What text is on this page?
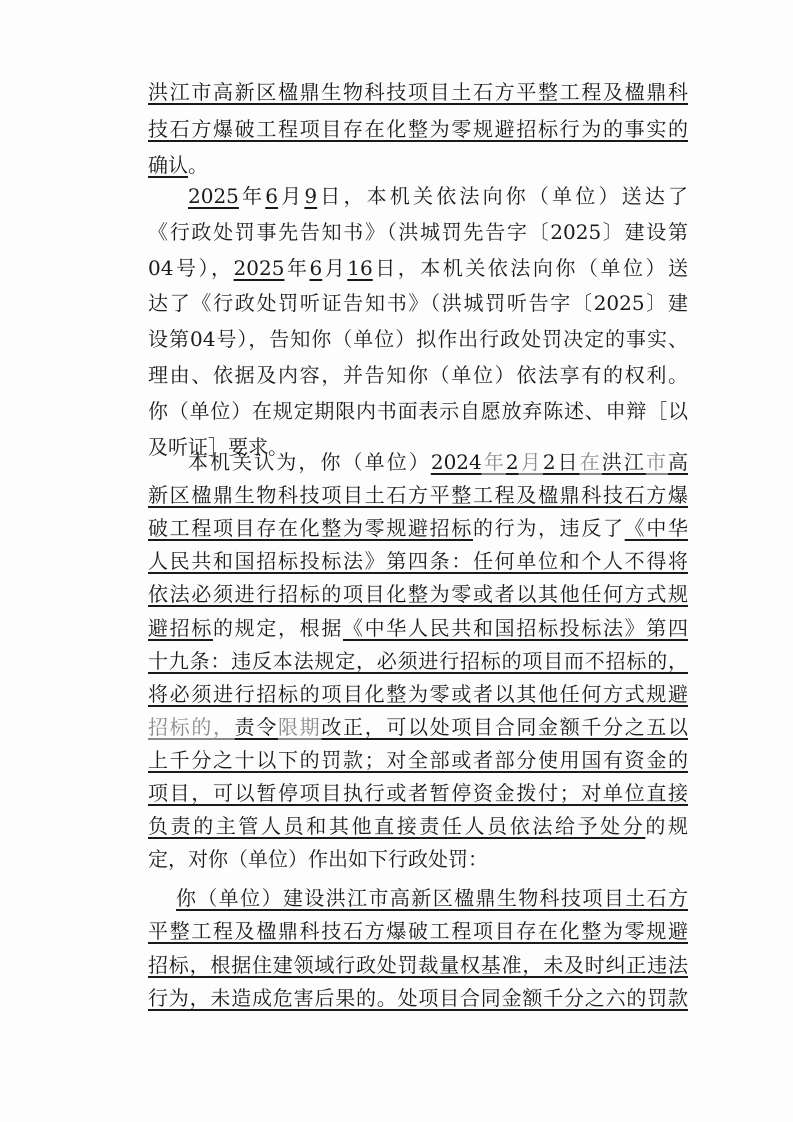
洪江市高新区楹鼎生物科技项目土石方平整工程及楹鼎科
技石方爆破工程项目存在化整为零规避招标行为的事实的
确认。
2025年6月9日，本机关依法向你（单位）送达了
《行政处罚事先告知书》（洪城罚先告字〔2025〕建设第
04号），2025年6月16日，本机关依法向你（单位）送
达了《行政处罚听证告知书》（洪城罚听告字〔2025〕建
设第04号），告知你（单位）拟作出行政处罚决定的事实、
理由、依据及内容，并告知你（单位）依法享有的权利。
你（单位）在规定期限内书面表示自愿放弃陈述、申辩［以
及听证］要求。
本机关认为，你（单位）2024年2月2日在洪江市高
新区楹鼎生物科技项目土石方平整工程及楹鼎科技石方爆
破工程项目存在化整为零规避招标的行为，违反了《中华
人民共和国招标投标法》第四条：任何单位和个人不得将
依法必须进行招标的项目化整为零或者以其他任何方式规
避招标的规定，根据《中华人民共和国招标投标法》第四
十九条：违反本法规定，必须进行招标的项目而不招标的，
将必须进行招标的项目化整为零或者以其他任何方式规避
招标的，责令限期改正，可以处项目合同金额千分之五以
上千分之十以下的罚款；对全部或者部分使用国有资金的
项目，可以暂停项目执行或者暂停资金拨付；对单位直接
负责的主管人员和其他直接责任人员依法给予处分的规
定，对你（单位）作出如下行政处罚：
你（单位）建设洪江市高新区楹鼎生物科技项目土石方
平整工程及楹鼎科技石方爆破工程项目存在化整为零规避
招标，根据住建领域行政处罚裁量权基准，未及时纠正违法
行为，未造成危害后果的。处项目合同金额千分之六的罚款
